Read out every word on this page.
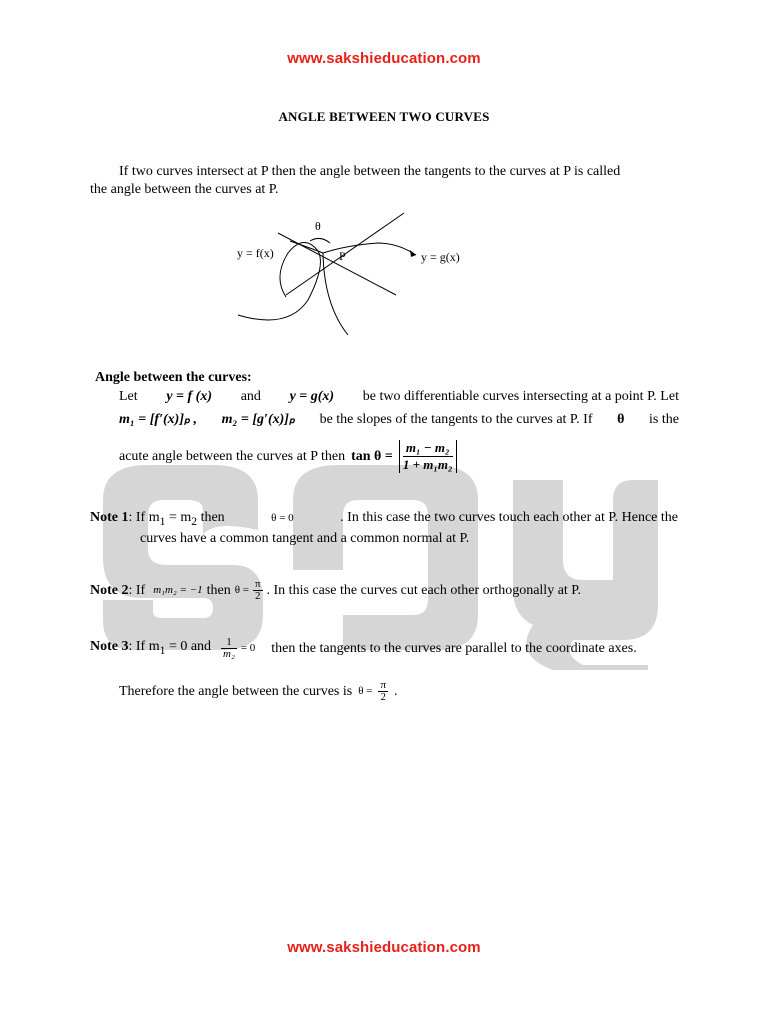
www.sakshieducation.com
ANGLE BETWEEN TWO CURVES
If two curves intersect at P then the angle between the tangents to the curves at P is called
the angle between the curves at P.
y = f(x)	y = g(x)
P
θ
Angle between the curves:
Let y = f (x) and y = g(x) be two differentiable curves intersecting at a point P. Let
m₁ = [f′(x)]ₚ , m₂ = [g′(x)]ₚ be the slopes of the tangents to the curves at P. If θ is the
acute angle between the curves at P then $\tan \theta = \frac{\text{m₁ − m₂}}{\text{1 + m₁m₂}}$
Note 1: If $m_1 = m_2$ then	θ = 0	. In this case the two curves touch each other at P. Hence the
curves have a common tangent and a common normal at P.
Note 2: If m₁m₂ = −1 then $\theta = \frac{\pi}{2}$ . In this case the curves cut each other orthogonally at P.
Note 3: If $m_1 = 0$ and $\frac{1}{\text{m₂}} = 0$ then the tangents to the curves are parallel to the coordinate axes.
Therefore the angle between the curves is $\theta = \frac{\pi}{2}$ .
www.sakshieducation.com
